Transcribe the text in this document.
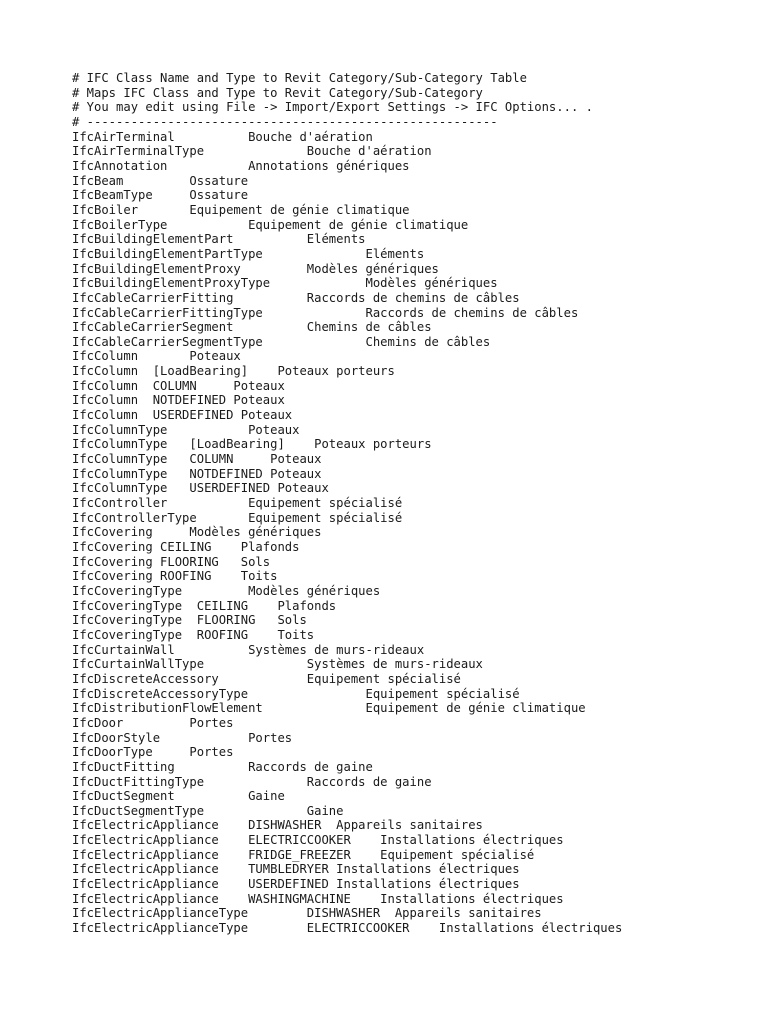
# IFC Class Name and Type to Revit Category/Sub-Category Table
# Maps IFC Class and Type to Revit Category/Sub-Category
# You may edit using File -> Import/Export Settings -> IFC Options... .
# --------------------------------------------------------
IfcAirTerminal          Bouche d'aération
IfcAirTerminalType              Bouche d'aération
IfcAnnotation           Annotations génériques
IfcBeam         Ossature
IfcBeamType     Ossature
IfcBoiler       Equipement de génie climatique
IfcBoilerType           Equipement de génie climatique
IfcBuildingElementPart          Eléments
IfcBuildingElementPartType              Eléments
IfcBuildingElementProxy         Modèles génériques
IfcBuildingElementProxyType             Modèles génériques
IfcCableCarrierFitting          Raccords de chemins de câbles
IfcCableCarrierFittingType              Raccords de chemins de câbles
IfcCableCarrierSegment          Chemins de câbles
IfcCableCarrierSegmentType              Chemins de câbles
IfcColumn       Poteaux
IfcColumn  [LoadBearing]    Poteaux porteurs
IfcColumn  COLUMN     Poteaux
IfcColumn  NOTDEFINED Poteaux
IfcColumn  USERDEFINED Poteaux
IfcColumnType           Poteaux
IfcColumnType   [LoadBearing]    Poteaux porteurs
IfcColumnType   COLUMN     Poteaux
IfcColumnType   NOTDEFINED Poteaux
IfcColumnType   USERDEFINED Poteaux
IfcController           Equipement spécialisé
IfcControllerType       Equipement spécialisé
IfcCovering     Modèles génériques
IfcCovering CEILING    Plafonds
IfcCovering FLOORING   Sols
IfcCovering ROOFING    Toits
IfcCoveringType         Modèles génériques
IfcCoveringType  CEILING    Plafonds
IfcCoveringType  FLOORING   Sols
IfcCoveringType  ROOFING    Toits
IfcCurtainWall          Systèmes de murs-rideaux
IfcCurtainWallType              Systèmes de murs-rideaux
IfcDiscreteAccessory            Equipement spécialisé
IfcDiscreteAccessoryType                Equipement spécialisé
IfcDistributionFlowElement              Equipement de génie climatique
IfcDoor         Portes
IfcDoorStyle            Portes
IfcDoorType     Portes
IfcDuctFitting          Raccords de gaine
IfcDuctFittingType              Raccords de gaine
IfcDuctSegment          Gaine
IfcDuctSegmentType              Gaine
IfcElectricAppliance    DISHWASHER  Appareils sanitaires
IfcElectricAppliance    ELECTRICCOOKER    Installations électriques
IfcElectricAppliance    FRIDGE_FREEZER    Equipement spécialisé
IfcElectricAppliance    TUMBLEDRYER Installations électriques
IfcElectricAppliance    USERDEFINED Installations électriques
IfcElectricAppliance    WASHINGMACHINE    Installations électriques
IfcElectricApplianceType        DISHWASHER  Appareils sanitaires
IfcElectricApplianceType        ELECTRICCOOKER    Installations électriques
